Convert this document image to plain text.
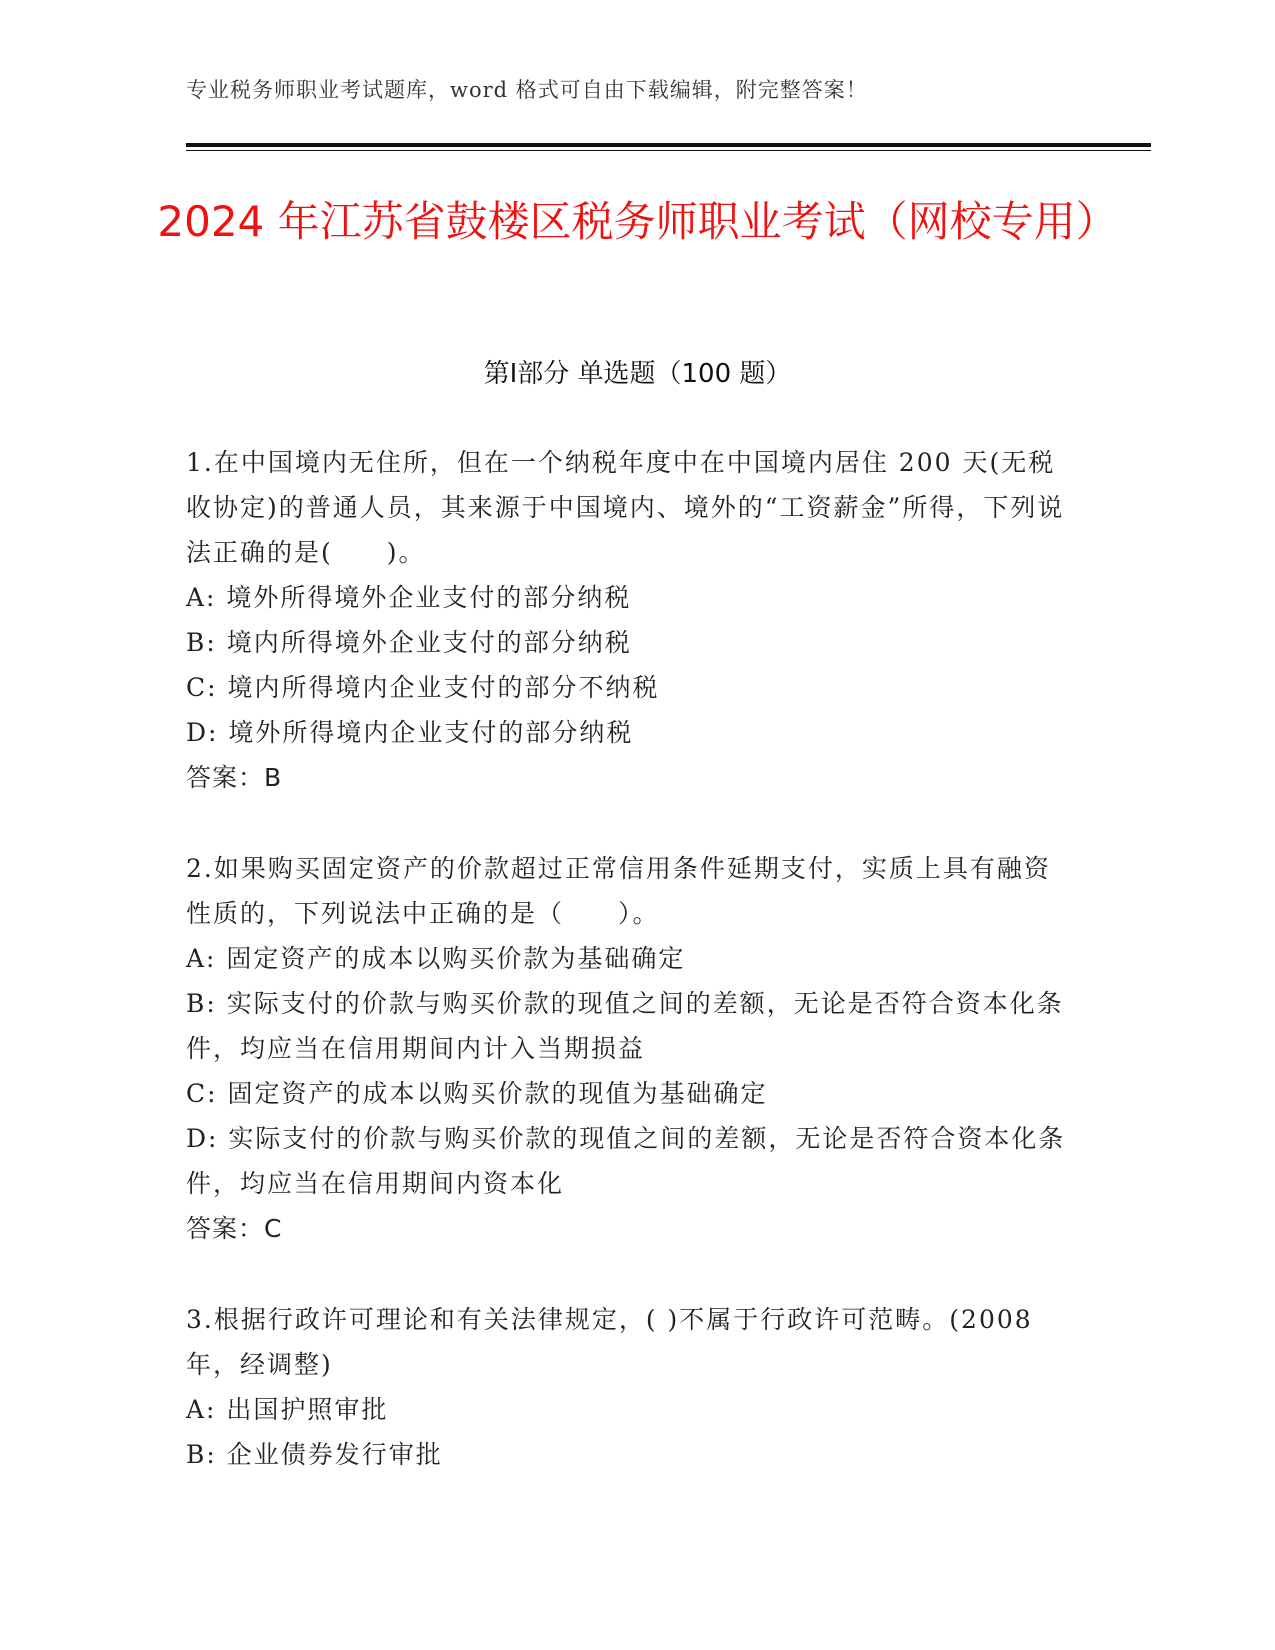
专业税务师职业考试题库，word 格式可自由下载编辑，附完整答案！
2024 年江苏省鼓楼区税务师职业考试（网校专用）
第Ⅰ部分 单选题（100 题）

1.在中国境内无住所，但在一个纳税年度中在中国境内居住 200 天(无税收协定)的普通人员，其来源于中国境内、境外的“工资薪金”所得，下列说法正确的是(　　)。

A: 境外所得境外企业支付的部分纳税

B: 境内所得境外企业支付的部分纳税

C: 境内所得境内企业支付的部分不纳税

D: 境外所得境内企业支付的部分纳税

答案：B

2.如果购买固定资产的价款超过正常信用条件延期支付，实质上具有融资性质的，下列说法中正确的是（　　）。

A: 固定资产的成本以购买价款为基础确定

B: 实际支付的价款与购买价款的现值之间的差额，无论是否符合资本化条件，均应当在信用期间内计入当期损益

C: 固定资产的成本以购买价款的现值为基础确定

D: 实际支付的价款与购买价款的现值之间的差额，无论是否符合资本化条件，均应当在信用期间内资本化

答案：C

3.根据行政许可理论和有关法律规定，( )不属于行政许可范畴。(2008 年，经调整)

A: 出国护照审批

B: 企业债券发行审批
